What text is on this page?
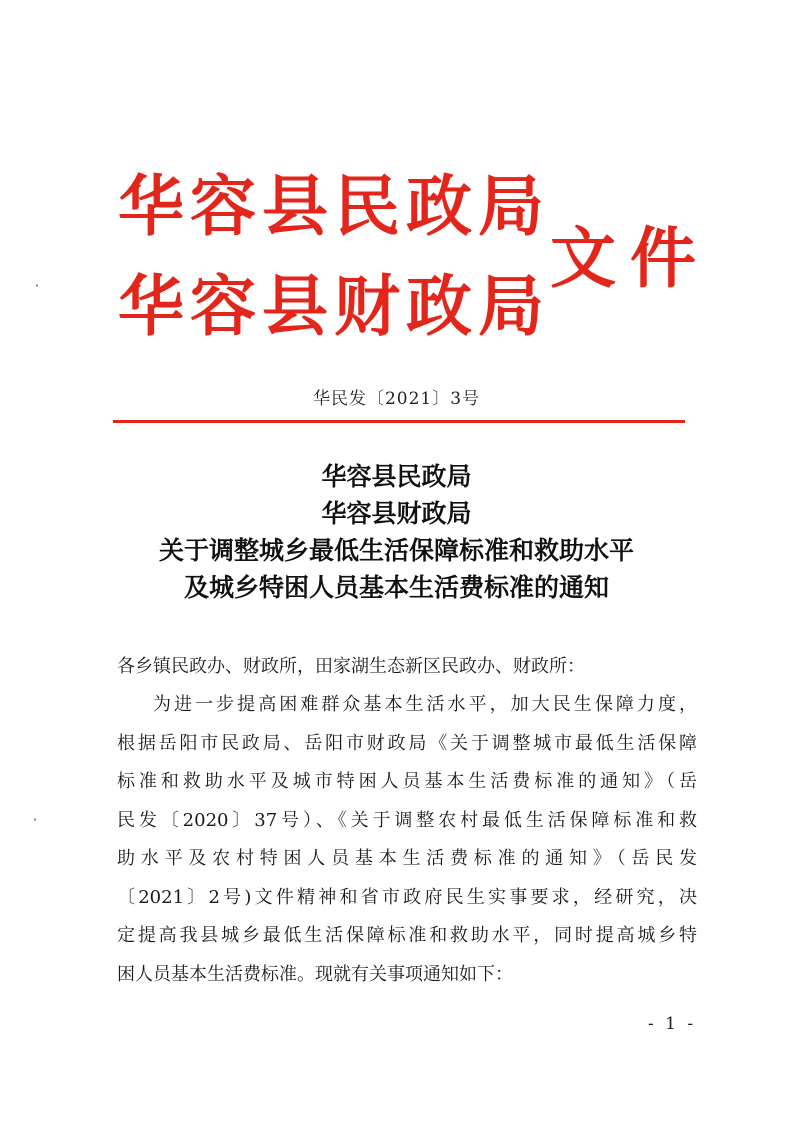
华容县民政局
华容县财政局
文件
华民发〔2021〕3号
华容县民政局
华容县财政局
关于调整城乡最低生活保障标准和救助水平
及城乡特困人员基本生活费标准的通知
各乡镇民政办、财政所，田家湖生态新区民政办、财政所：
为进一步提高困难群众基本生活水平，加大民生保障力度，
根据岳阳市民政局、岳阳市财政局《关于调整城市最低生活保障
标准和救助水平及城市特困人员基本生活费标准的通知》（岳
民发〔2020〕37号）、《关于调整农村最低生活保障标准和救
助水平及农村特困人员基本生活费标准的通知》（岳民发
〔2021〕2号)文件精神和省市政府民生实事要求，经研究，决
定提高我县城乡最低生活保障标准和救助水平，同时提高城乡特
困人员基本生活费标准。现就有关事项通知如下：
- 1 -
